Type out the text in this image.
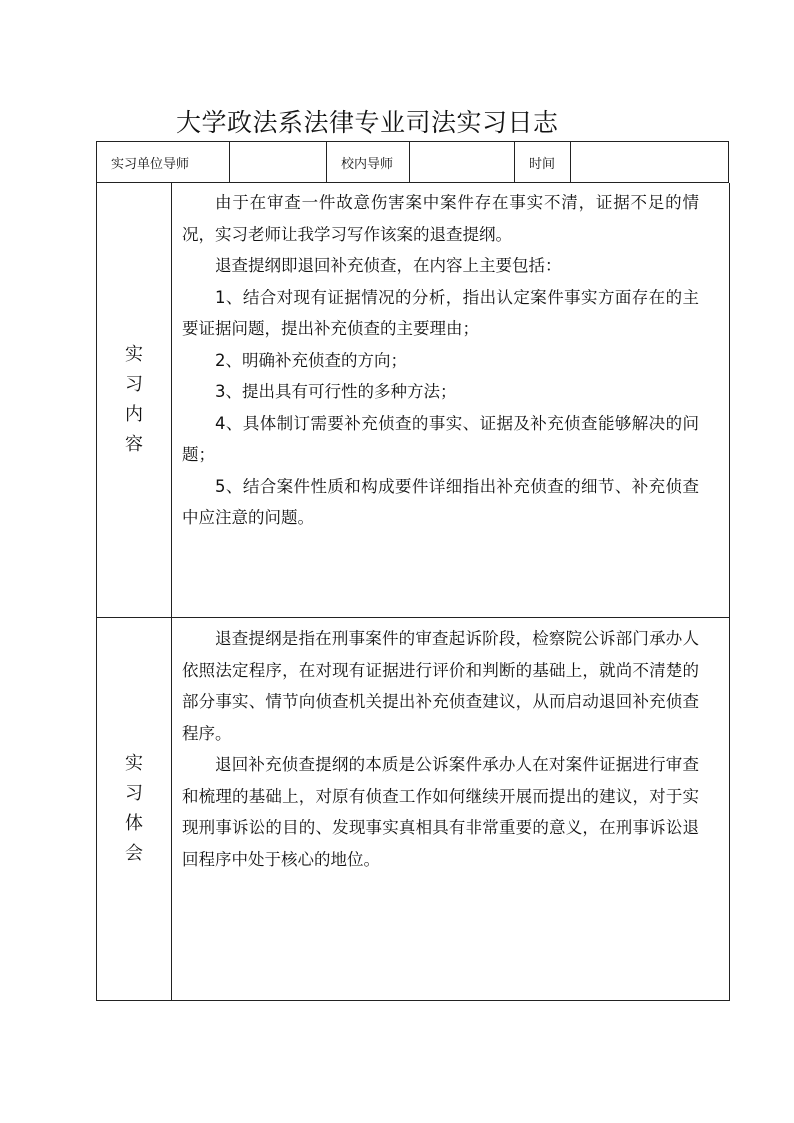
大学政法系法律专业司法实习日志
实习单位导师	校内导师	时间
实
习
内
容

由于在审查一件故意伤害案中案件存在事实不清，证据不足的情况，实习老师让我学习写作该案的退查提纲。

退查提纲即退回补充侦查，在内容上主要包括：

1、结合对现有证据情况的分析，指出认定案件事实方面存在的主要证据问题，提出补充侦查的主要理由；

2、明确补充侦查的方向；

3、提出具有可行性的多种方法；

4、具体制订需要补充侦查的事实、证据及补充侦查能够解决的问题；

5、结合案件性质和构成要件详细指出补充侦查的细节、补充侦查中应注意的问题。

实
习
体
会

退查提纲是指在刑事案件的审查起诉阶段，检察院公诉部门承办人依照法定程序，在对现有证据进行评价和判断的基础上，就尚不清楚的部分事实、情节向侦查机关提出补充侦查建议，从而启动退回补充侦查程序。

退回补充侦查提纲的本质是公诉案件承办人在对案件证据进行审查和梳理的基础上，对原有侦查工作如何继续开展而提出的建议，对于实现刑事诉讼的目的、发现事实真相具有非常重要的意义，在刑事诉讼退回程序中处于核心的地位。
